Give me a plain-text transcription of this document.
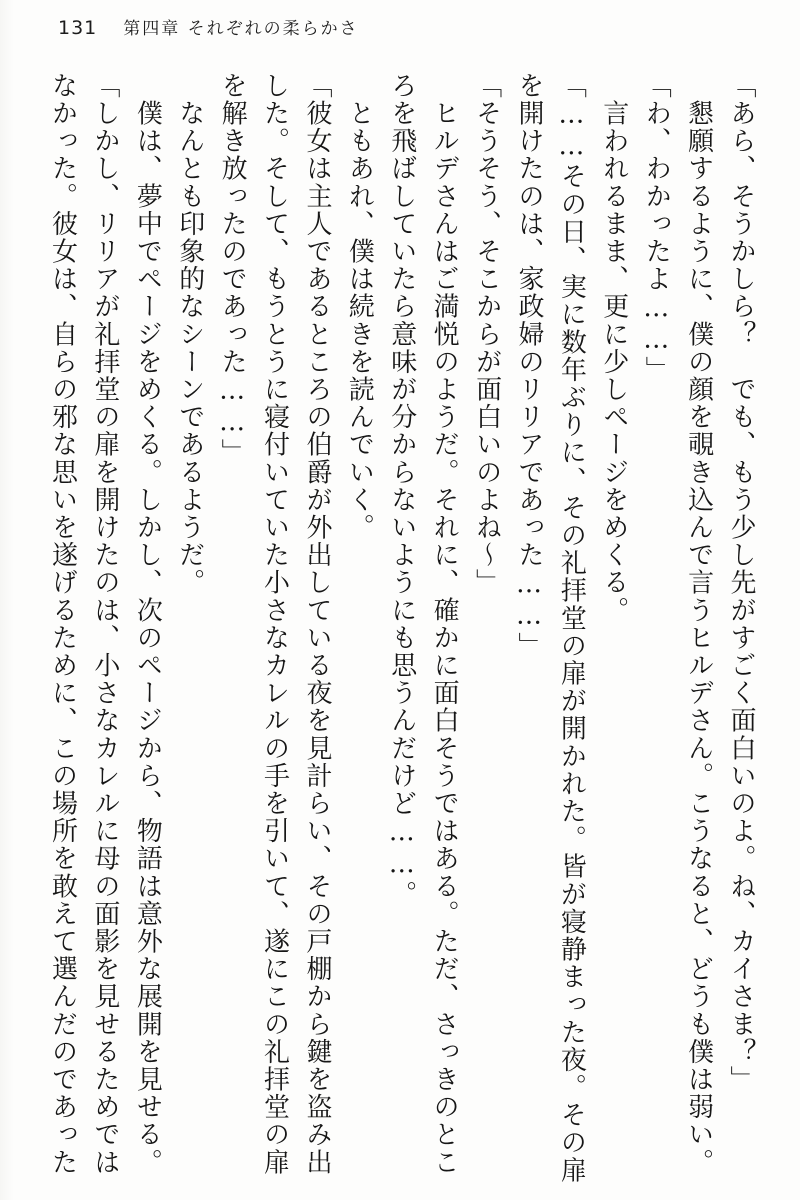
131 第四章 それぞれの柔らかさ

「あら、そうかしら？　でも、もう少し先がすごく面白いのよ。ね、カイさま？」

　懇願するように、僕の顔を覗き込んで言うヒルデさん。こうなると、どうも僕は弱い。

「わ、わかったよ……」

　言われるまま、更に少しページをめくる。

「……その日、実に数年ぶりに、その礼拝堂の扉が開かれた。皆が寝静まった夜。その扉

を開けたのは、家政婦のリリアであった……」

「そうそう、そこからが面白いのよね〜」

　ヒルデさんはご満悦のようだ。それに、確かに面白そうではある。ただ、さっきのとこ

ろを飛ばしていたら意味が分からないようにも思うんだけど……。

　ともあれ、僕は続きを読んでいく。

「彼女は主人であるところの伯爵が外出している夜を見計らい、その戸棚から鍵を盗み出

した。そして、もうとうに寝付いていた小さなカレルの手を引いて、遂にこの礼拝堂の扉

を解き放ったのであった……」

　なんとも印象的なシーンであるようだ。

　僕は、夢中でページをめくる。しかし、次のページから、物語は意外な展開を見せる。

「しかし、リリアが礼拝堂の扉を開けたのは、小さなカレルに母の面影を見せるためでは

なかった。彼女は、自らの邪な思いを遂げるために、この場所を敢えて選んだのであった
